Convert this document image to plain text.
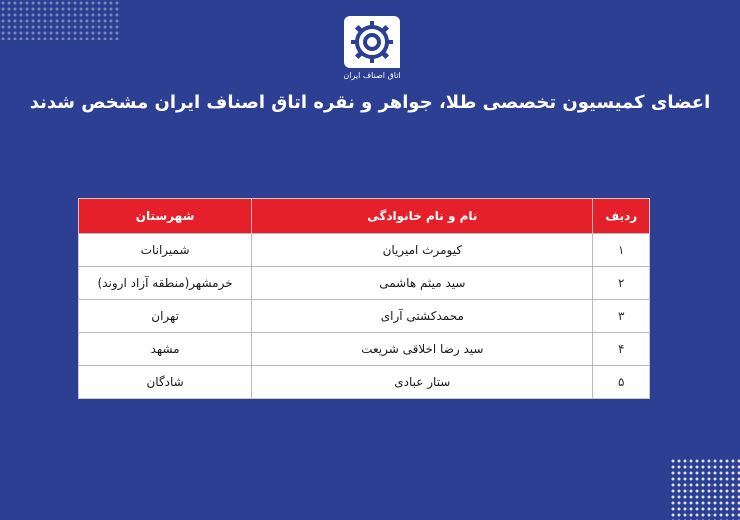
اتاق اصناف ایران
اعضای کمیسیون تخصصی طلا، جواهر و نقره اتاق اصناف ایران مشخص شدند
ردیف	نام و نام خانوادگی	شهرستان
۱	کیومرث امیریان	شمیرانات
۲	سید میثم هاشمی	خرمشهر(منطقه آزاد اروند)
۳	محمدکشتی آرای	تهران
۴	سید رضا اخلاقی شریعت	مشهد
۵	ستار عبادی	شادگان
